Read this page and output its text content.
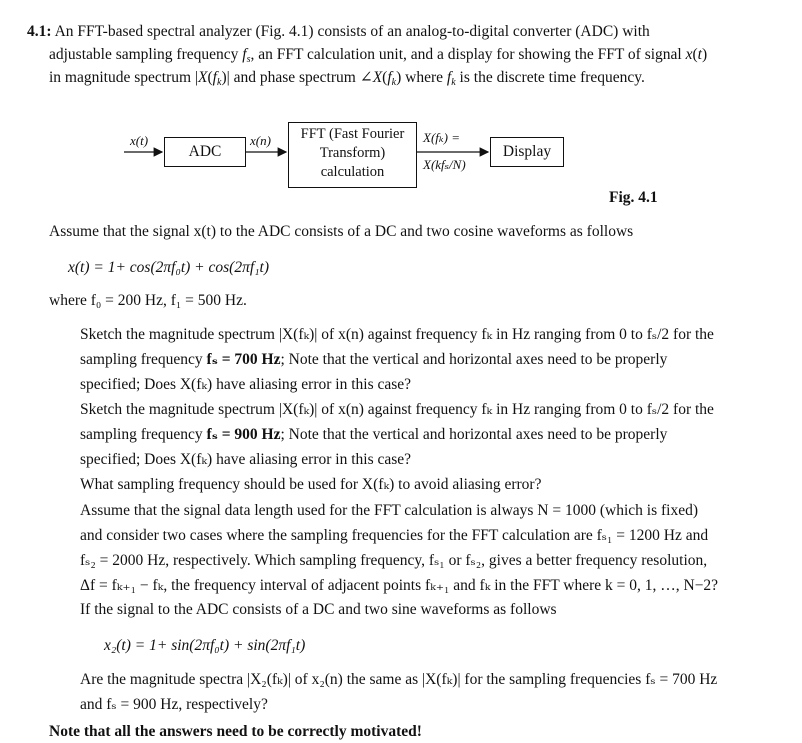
4.1: An FFT-based spectral analyzer (Fig. 4.1) consists of an analog-to-digital converter (ADC) with
adjustable sampling frequency $f_s$, an FFT calculation unit, and a display for showing the FFT of signal x(t)
in magnitude spectrum $|X(f_k)|$ and phase spectrum $\angle X(f_k)$ where $f_k$ is the discrete time frequency.
x(t)
ADC
x(n)	FFT (Fast Fourier
Transform)
calculation
X(fₖ) =
X(kfₛ/N)
Display
Fig. 4.1
Assume that the signal x(t) to the ADC consists of a DC and two cosine waveforms as follows
x(t) = 1+ cos(2πf₀t) + cos(2πf₁t)
where f₀ = 200 Hz, f₁ = 500 Hz.
Sketch the magnitude spectrum |X(fₖ)| of x(n) against frequency fₖ in Hz ranging from 0 to fₛ/2 for the
sampling frequency fₛ = 700 Hz; Note that the vertical and horizontal axes need to be properly
specified; Does X(fₖ) have aliasing error in this case?
Sketch the magnitude spectrum |X(fₖ)| of x(n) against frequency fₖ in Hz ranging from 0 to fₛ/2 for the
sampling frequency fₛ = 900 Hz; Note that the vertical and horizontal axes need to be properly
specified; Does X(fₖ) have aliasing error in this case?
What sampling frequency should be used for X(fₖ) to avoid aliasing error?
Assume that the signal data length used for the FFT calculation is always N = 1000 (which is fixed)
and consider two cases where the sampling frequencies for the FFT calculation are fₛ₁ = 1200 Hz and
fₛ₂ = 2000 Hz, respectively. Which sampling frequency, fₛ₁ or fₛ₂, gives a better frequency resolution,
Δf = fₖ₊₁ − fₖ, the frequency interval of adjacent points fₖ₊₁ and fₖ in the FFT where k = 0, 1, …, N−2?
If the signal to the ADC consists of a DC and two sine waveforms as follows
x₂(t) = 1+ sin(2πf₀t) + sin(2πf₁t)
Are the magnitude spectra |X₂(fₖ)| of x₂(n) the same as |X(fₖ)| for the sampling frequencies fₛ = 700 Hz
and fₛ = 900 Hz, respectively?
Note that all the answers need to be correctly motivated!
